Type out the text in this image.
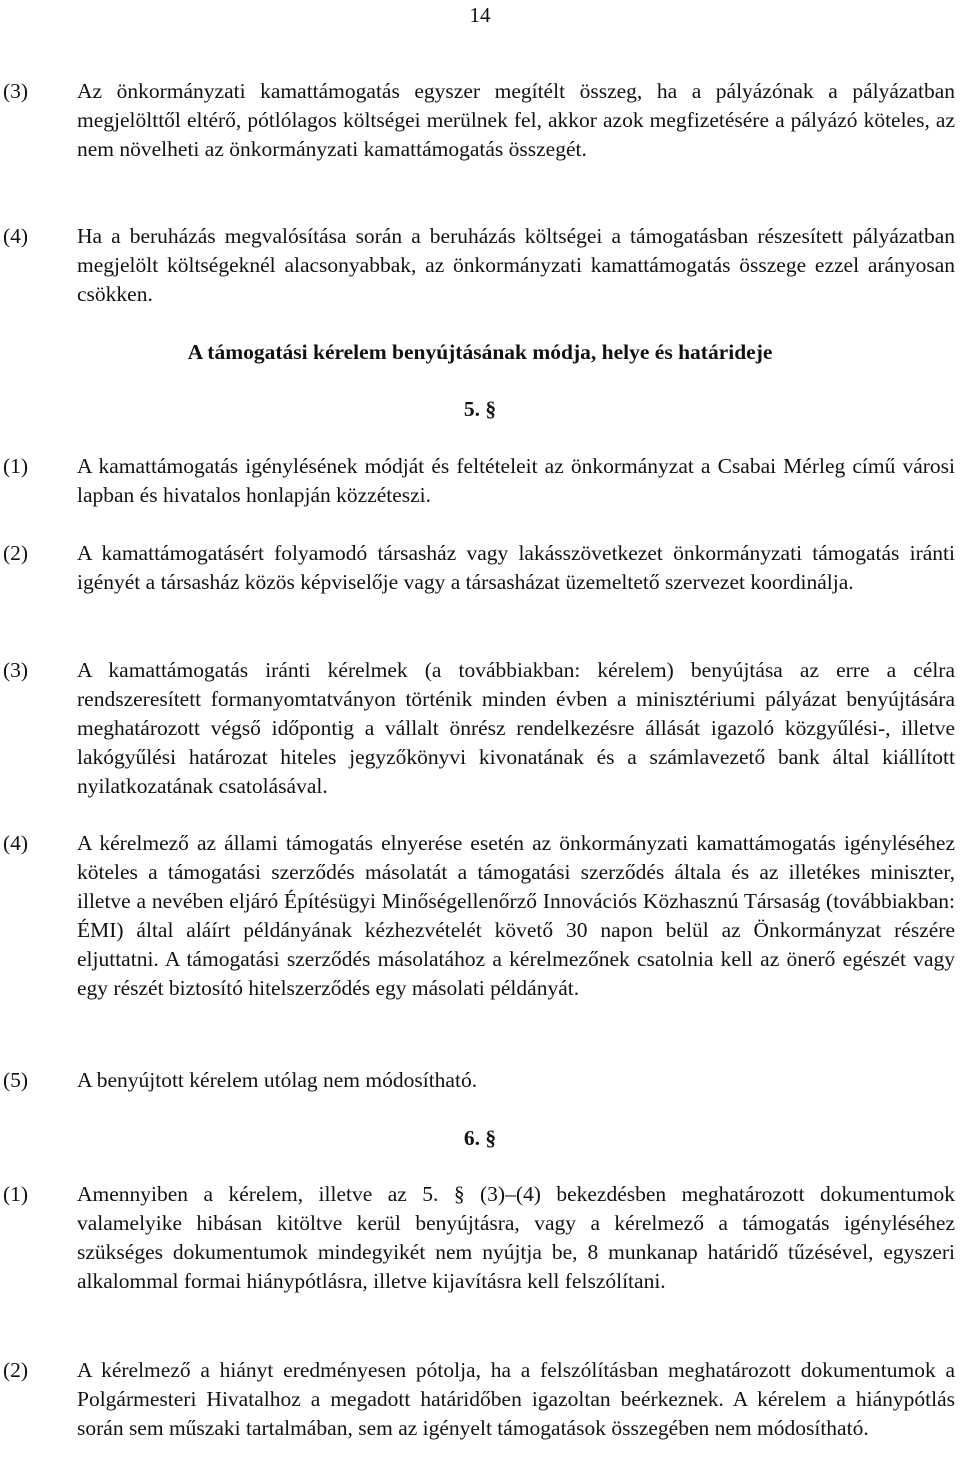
14
(3) Az önkormányzati kamattámogatás egyszer megítélt összeg, ha a pályázónak a pályázatban megjelölttől eltérő, pótlólagos költségei merülnek fel, akkor azok megfizetésére a pályázó köteles, az nem növelheti az önkormányzati kamattámogatás összegét.
(4) Ha a beruházás megvalósítása során a beruházás költségei a támogatásban részesített pályázatban megjelölt költségeknél alacsonyabbak, az önkormányzati kamattámogatás összege ezzel arányosan csökken.
A támogatási kérelem benyújtásának módja, helye és határideje
5. §
(1) A kamattámogatás igénylésének módját és feltételeit az önkormányzat a Csabai Mérleg című városi lapban és hivatalos honlapján közzéteszi.
(2) A kamattámogatásért folyamodó társasház vagy lakásszövetkezet önkormányzati támogatás iránti igényét a társasház közös képviselője vagy a társasházat üzemeltető szervezet koordinálja.
(3) A kamattámogatás iránti kérelmek (a továbbiakban: kérelem) benyújtása az erre a célra rendszeresített formanyomtatványon történik minden évben a minisztériumi pályázat benyújtására meghatározott végső időpontig a vállalt önrész rendelkezésre állását igazoló közgyűlési-, illetve lakógyűlési határozat hiteles jegyzőkönyvi kivonatának és a számlavezető bank által kiállított nyilatkozatának csatolásával.
(4) A kérelmező az állami támogatás elnyerése esetén az önkormányzati kamattámogatás igényléséhez köteles a támogatási szerződés másolatát a támogatási szerződés általa és az illetékes miniszter, illetve a nevében eljáró Építésügyi Minőségellenőrző Innovációs Közhasznú Társaság (továbbiakban: ÉMI) által aláírt példányának kézhezvételét követő 30 napon belül az Önkormányzat részére eljuttatni. A támogatási szerződés másolatához a kérelmezőnek csatolnia kell az önerő egészét vagy egy részét biztosító hitelszerződés egy másolati példányát.
(5) A benyújtott kérelem utólag nem módosítható.
6. §
(1) Amennyiben a kérelem, illetve az 5. § (3)–(4) bekezdésben meghatározott dokumentumok valamelyike hibásan kitöltve kerül benyújtásra, vagy a kérelmező a támogatás igényléséhez szükséges dokumentumok mindegyikét nem nyújtja be, 8 munkanap határidő tűzésével, egyszeri alkalommal formai hiánypótlásra, illetve kijavításra kell felszólítani.
(2) A kérelmező a hiányt eredményesen pótolja, ha a felszólításban meghatározott dokumentumok a Polgármesteri Hivatalhoz a megadott határidőben igazoltan beérkeznek. A kérelem a hiánypótlás során sem műszaki tartalmában, sem az igényelt támogatások összegében nem módosítható.
